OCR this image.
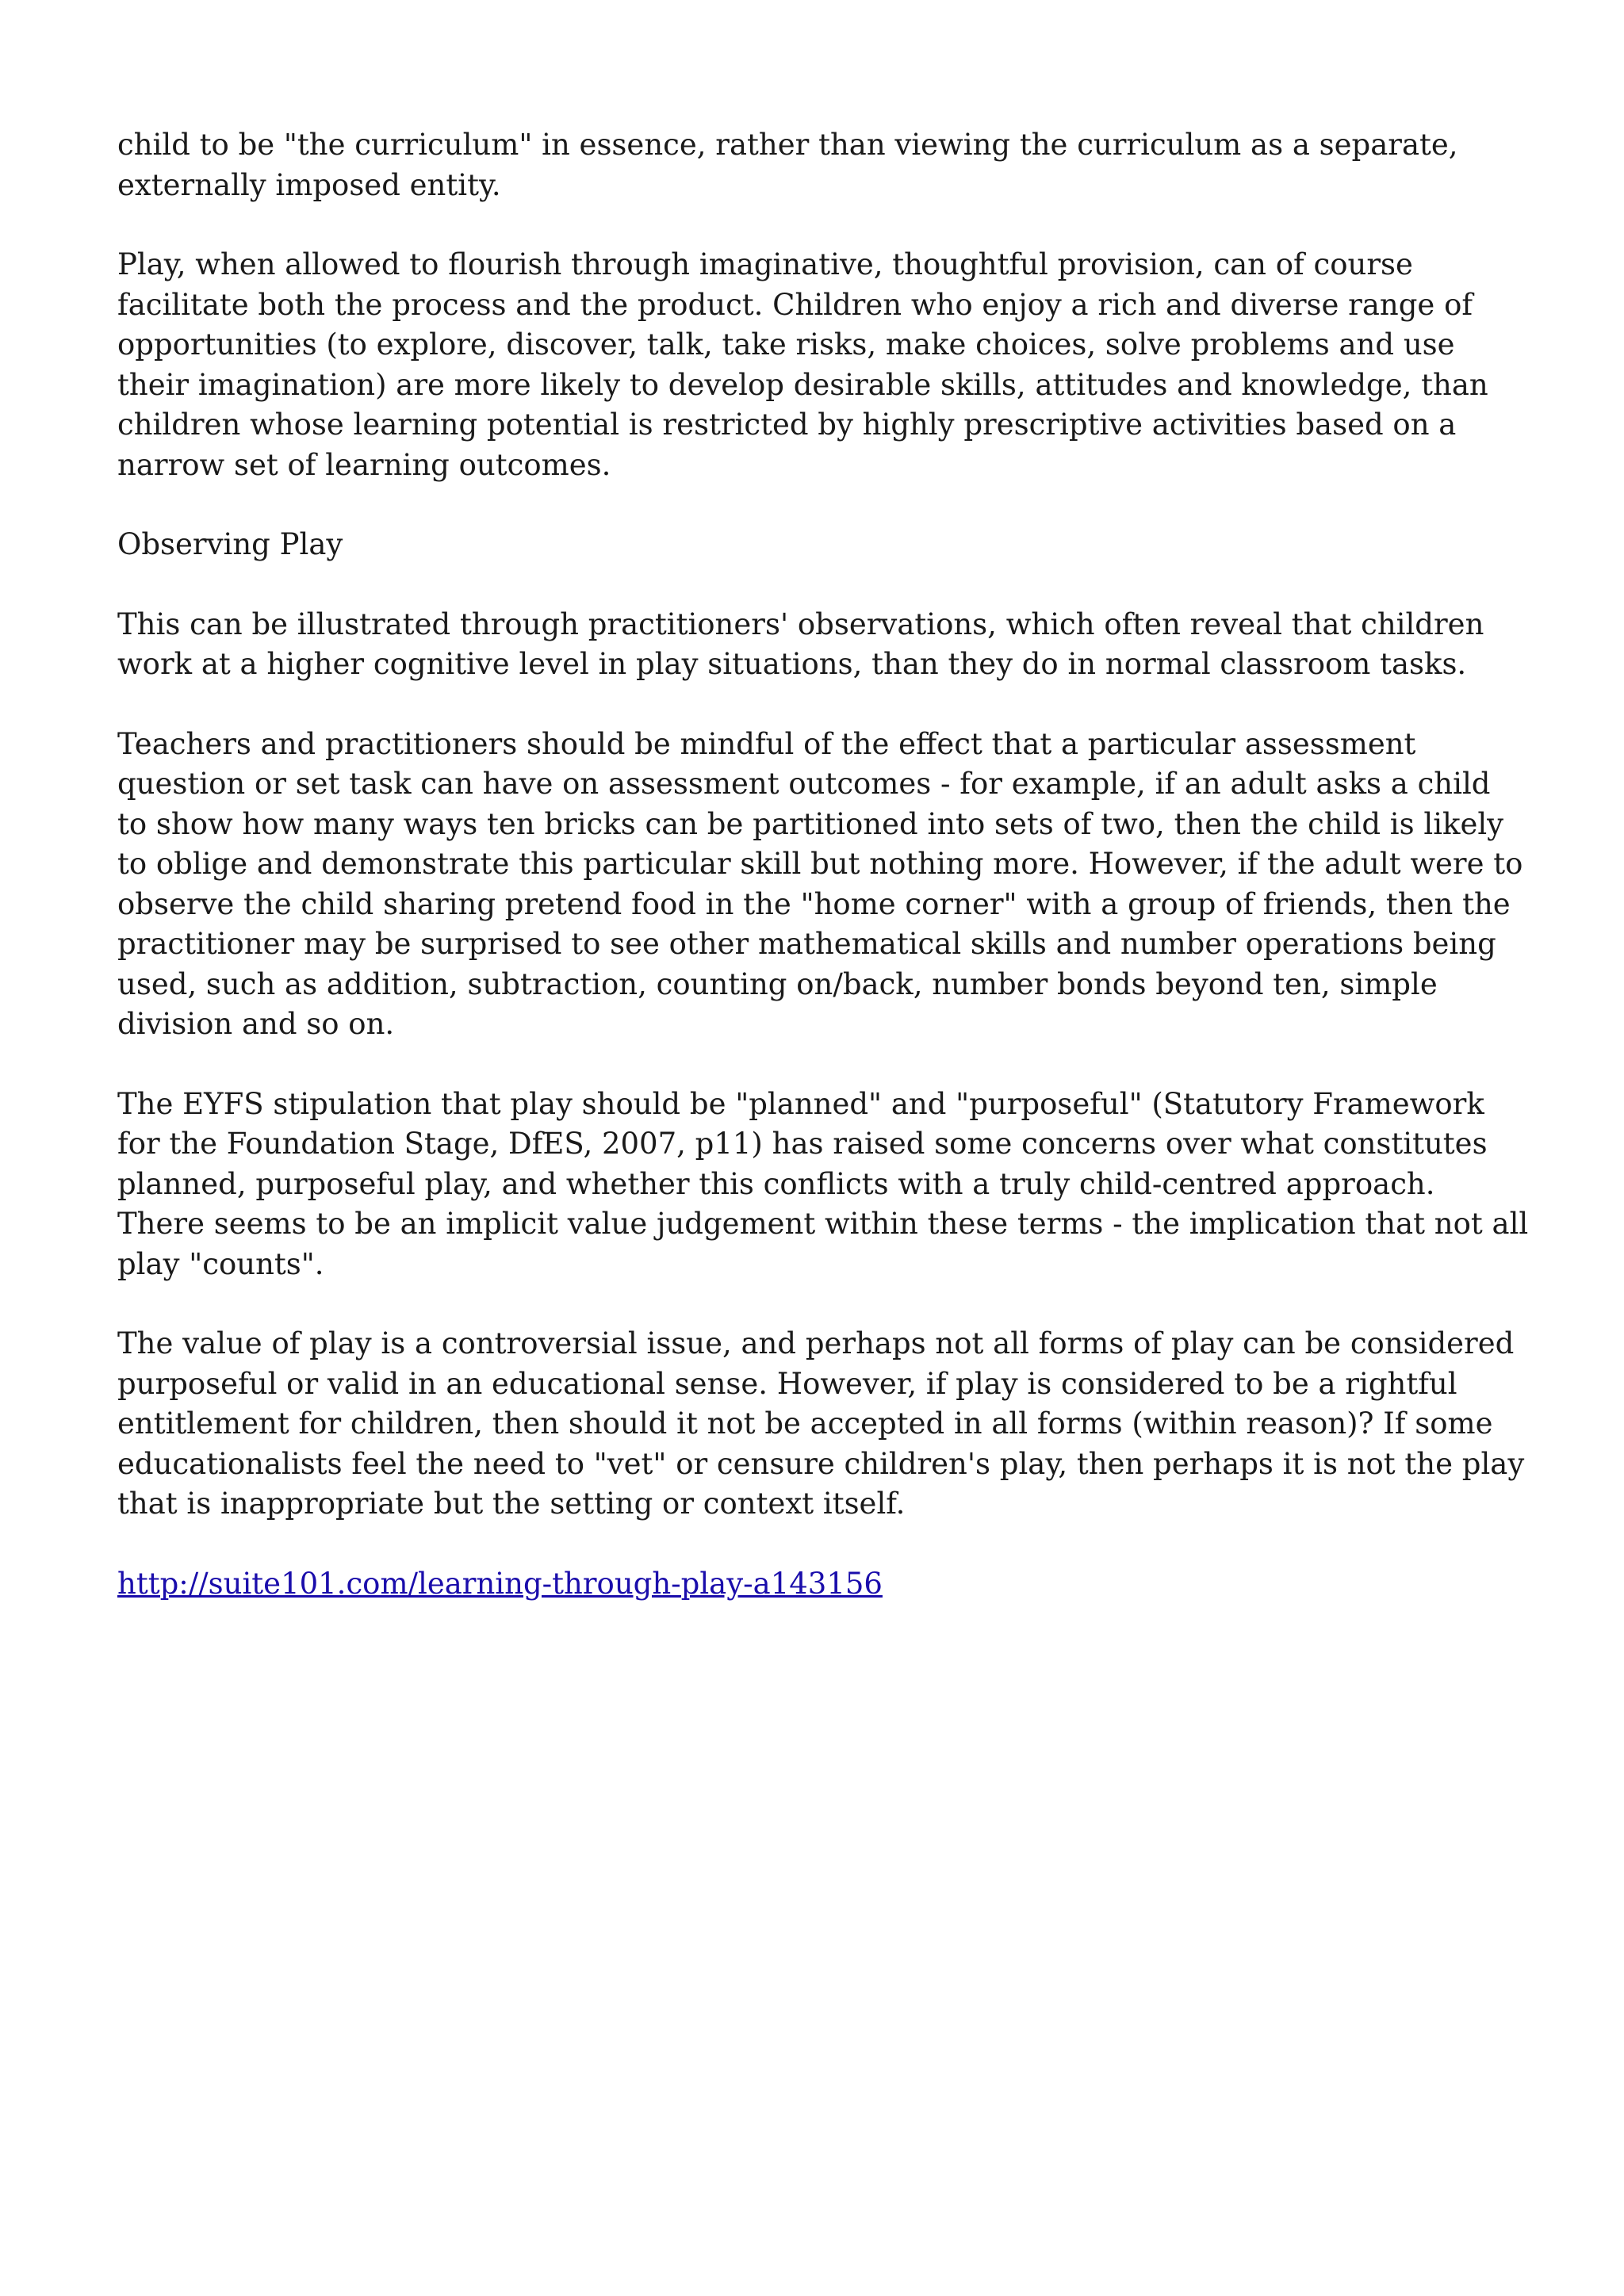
child to be "the curriculum" in essence, rather than viewing the curriculum as a separate, externally imposed entity.

Play, when allowed to flourish through imaginative, thoughtful provision, can of course facilitate both the process and the product. Children who enjoy a rich and diverse range of opportunities (to explore, discover, talk, take risks, make choices, solve problems and use their imagination) are more likely to develop desirable skills, attitudes and knowledge, than children whose learning potential is restricted by highly prescriptive activities based on a narrow set of learning outcomes.

Observing Play

This can be illustrated through practitioners' observations, which often reveal that children work at a higher cognitive level in play situations, than they do in normal classroom tasks.

Teachers and practitioners should be mindful of the effect that a particular assessment question or set task can have on assessment outcomes - for example, if an adult asks a child to show how many ways ten bricks can be partitioned into sets of two, then the child is likely to oblige and demonstrate this particular skill but nothing more. However, if the adult were to observe the child sharing pretend food in the "home corner" with a group of friends, then the practitioner may be surprised to see other mathematical skills and number operations being used, such as addition, subtraction, counting on/back, number bonds beyond ten, simple division and so on.

The EYFS stipulation that play should be "planned" and "purposeful" (Statutory Framework for the Foundation Stage, DfES, 2007, p11) has raised some concerns over what constitutes planned, purposeful play, and whether this conflicts with a truly child-centred approach. There seems to be an implicit value judgement within these terms - the implication that not all play "counts".

The value of play is a controversial issue, and perhaps not all forms of play can be considered purposeful or valid in an educational sense. However, if play is considered to be a rightful entitlement for children, then should it not be accepted in all forms (within reason)? If some educationalists feel the need to "vet" or censure children's play, then perhaps it is not the play that is inappropriate but the setting or context itself.

http://suite101.com/learning-through-play-a143156
